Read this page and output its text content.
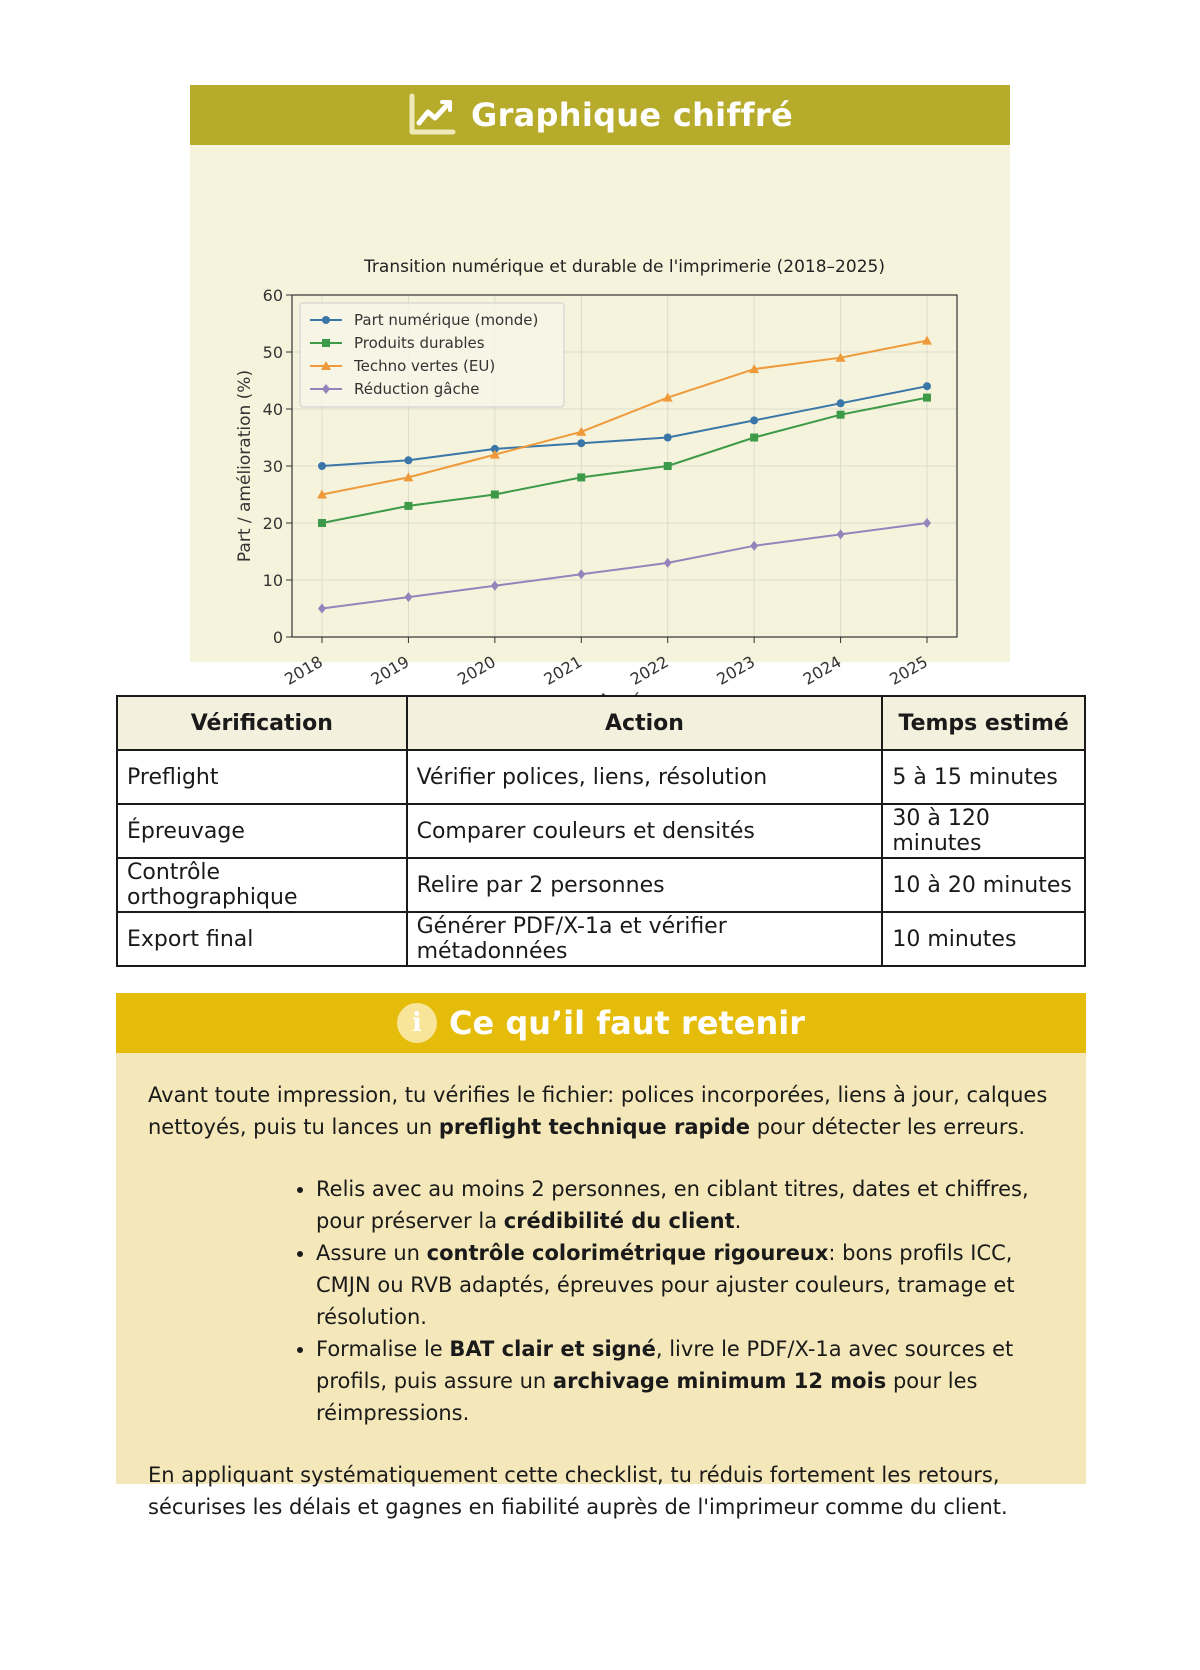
Graphique chiffré
Transition numérique et durable de l'imprimerie (2018–2025)
0
10
20
30
40
50
60
2018	2019	2020	2021	2022	2023	2024	2025
Part / amélioration (%)
Part numérique (monde)
Produits durables
Techno vertes (EU)
Réduction gâche
Vérification	Action	Temps estimé
Preflight	Vérifier polices, liens, résolution	5 à 15 minutes
Épreuvage	Comparer couleurs et densités	30 à 120 minutes
Contrôle orthographique	Relire par 2 personnes	10 à 20 minutes
Export final	Générer PDF/X-1a et vérifier métadonnées	10 minutes
i Ce qu’il faut retenir

Avant toute impression, tu vérifies le fichier: polices incorporées, liens à jour, calques nettoyés, puis tu lances un preflight technique rapide pour détecter les erreurs.

• Relis avec au moins 2 personnes, en ciblant titres, dates et chiffres, pour préserver la crédibilité du client.
• Assure un contrôle colorimétrique rigoureux: bons profils ICC, CMJN ou RVB adaptés, épreuves pour ajuster couleurs, tramage et résolution.
• Formalise le BAT clair et signé, livre le PDF/X-1a avec sources et profils, puis assure un archivage minimum 12 mois pour les réimpressions.

En appliquant systématiquement cette checklist, tu réduis fortement les retours, sécurises les délais et gagnes en fiabilité auprès de l'imprimeur comme du client.
